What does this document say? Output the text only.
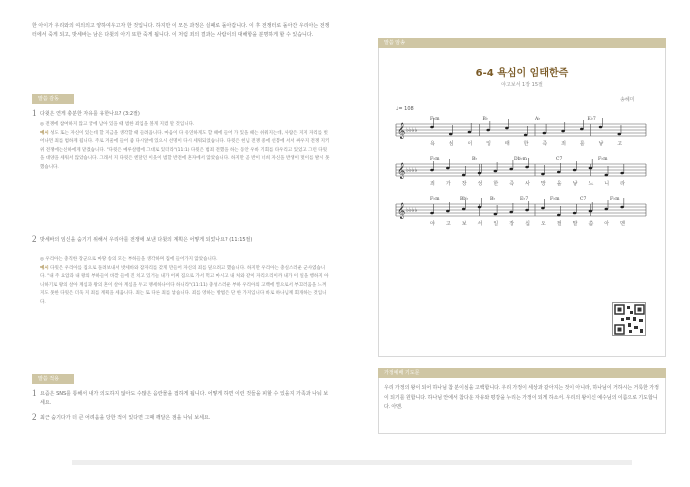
한 아이가 우리와의 여의의고 양하여우고자 한 것입니다. 하지만 이 모든 과정은 실패로 돌아갑니다. 이 후 전쟁터로 돌아간 우리아는 전쟁터에서 죽게 되고, 밧세바는 남은 다윗의 아기 또한 죽게 됩니다. 이 처럼 죄의 결과는 사람이의 대해항을 분명하게 할 수 있습니다.
말씀 감동
1 다윗은 연게 충분한 자유를 유한나요? (3:2절)
◎ 전쟁에 참여하지 않고 궁에 남아 있을 때 범한 죄입을 볼게 지켰 말 것입니다.
예시 성도 또는 자신이 있는데 할 지금을 생각할 때 들려옵니다. 마음이 다 유연하게도 할 때에 들어 가 있을 때는 쉬워지는데, 사람은 지지 자리를 벗어나면 죄를 범하게 됩니다. 주로 겨울에 들어 줌 다시앞에 있으시 선명이 다시 세워되었습니다. 다윗은 헌님 전쟁 중에 선봉에 서서 싸우지 전쟁 지키 위 전쟁에는신하에게 맡겼습니다. "다윗은 예루살렘에 그대로 있더라"(11:1) 다윗은 범죄 전했을 하는 동안 우바 기회를 타우리고 있었고 그런 다윗을 대양을 세워서 않았습니다. 그래서 지 다윗은 엔달던 이웃이 범할 반전에 혼자에서 않았습니다. 하지만 곧 반이 너희 자신을 반생이 멋이를 발시 못했습니다.
2 밧세바의 임신을 숨기기 위해서 우리아를 전쟁에 보낸 다윗의 계획은 어떻게 되었나요? (11:15절)
◎ 우리아는 충직한 장군으로 마땅 송의 모는 부하들을 생각하며 집에 들어가지 않았습니다.
예시 다윗은 우리아를 집으로 돌려보내서 밧세바와 잠자리를 갖게 만들어 자신의 죄를 덮으려고 했습니다. 하지만 우리아는 충실스러운 군사였습니다. "내 주 요압과 내 왕의 부하들이 바깥 들에 진 치고 있거늘 내가 어찌 집으로 가서 먹고 마시고 내 처와 같이 자리오리이까 내가 이 일을 행하지 아니하기로 왕의 살아 계심과 왕의 혼이 살아 계심을 두고 맹세하나이다 하니라"(11:11) 충성스러운 부하 우리아의 고백에 찔으로서 부끄러움을 느껴지도 못한 다윗은 더욱 지 죄를 계획을 세웁니다. 죄는 또 다른 죄를 낳습니다. 죄를 영하는 방법은 단 한 가지입니다 바로 하나님께 회개하는 것입니다.
말씀 적용
1 요즘은 SNS를 통해서 내가 의도하지 않아도 수많은 음란물을 접하게 됩니다. 어떻게 하면 이런 것들을 피할 수 있을지 가족과 나눠 보세요.
2 최근 숨기다가 더 큰 어려움을 당한 적이 있다면 그때 깨달은 점을 나눠 보세요.
말씀 암송
6-4 욕심이 임태한즉
야고보서 1장 15절
송혜미
♩= 108
𝄞 ♭♭♭♭
F♭m	B♭	A♭	E♭7
욕	심	이	잉	태	한	즉	죄	를	낳	고
𝄞 ♭♭♭♭
F♭m	B♭	Db♭m	C7	F♭m
죄 가 장 성 한 즉 사 망 을 낳 느 니 라
𝄞 ♭♭♭♭
F♭m	Bb♭	B♭	E♭7	F♭m	C7	F♭m
야 고 보 서 일 장 십 오 절 말 씀 아 멘
가정예배 기도문
우리 가정의 왕이 되어 하나님 참 분이심을 고백합니다. 우리 가정이 세상과 같아지는 것이 아니라, 하나님이 거하시는 거룩한 가정이 되기를 원합니다. 하나님 안에서 참다운 자유와 평강을 누리는 가정이 되게 하소서. 우리의 왕이신 예수님의 이름으로 기도합니다. 아멘.
